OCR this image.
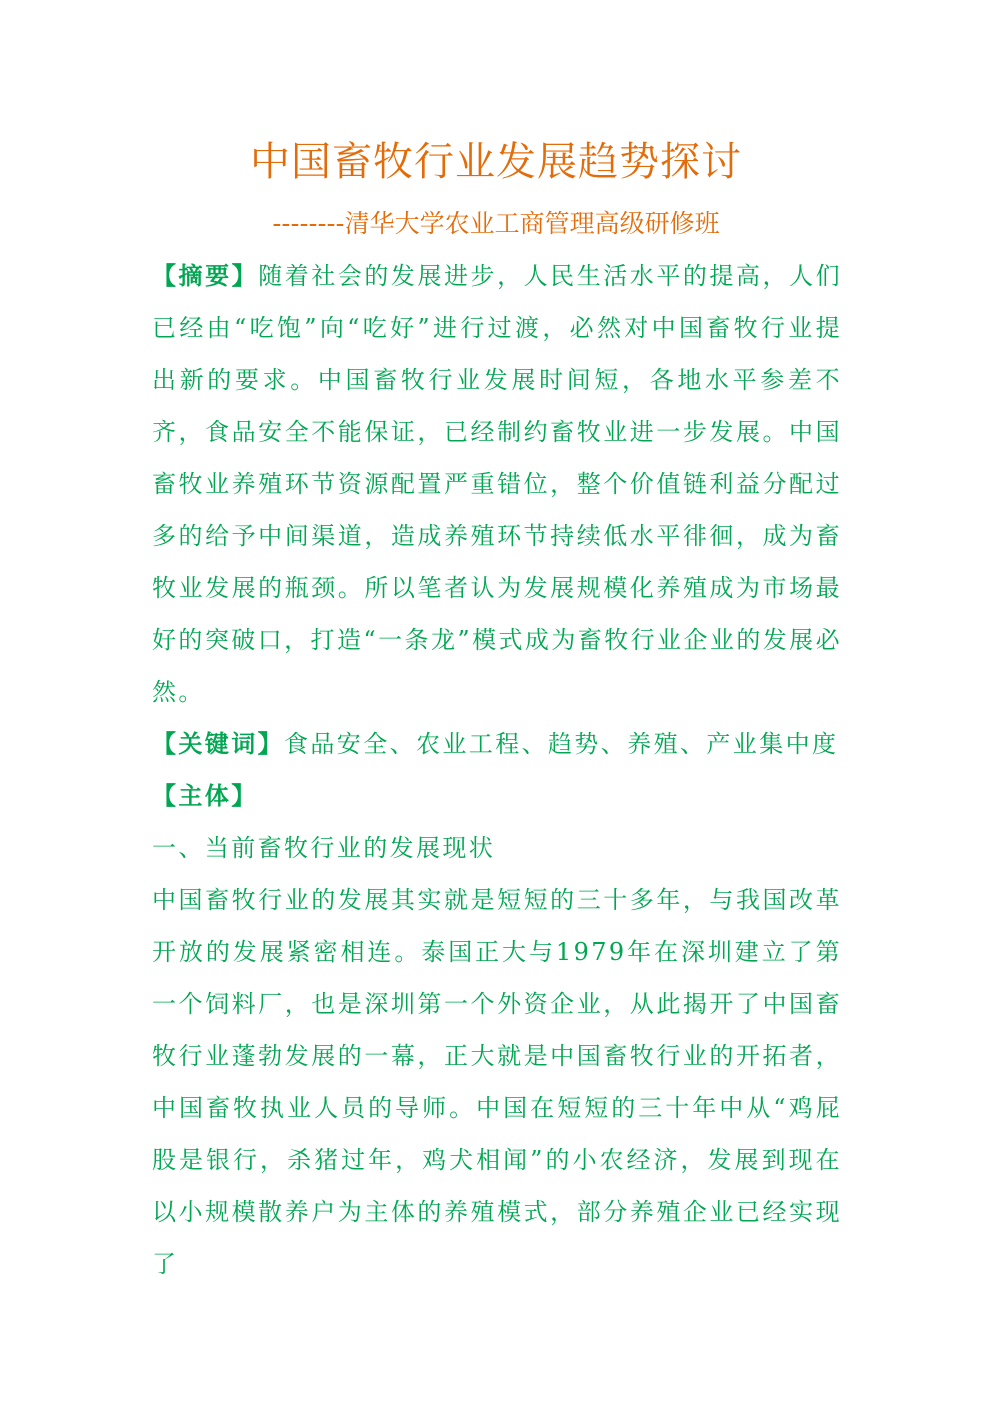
中国畜牧行业发展趋势探讨
--------清华大学农业工商管理高级研修班

【摘要】随着社会的发展进步，人民生活水平的提高，人们已经由“吃饱”向“吃好”进行过渡，必然对中国畜牧行业提出新的要求。中国畜牧行业发展时间短，各地水平参差不齐，食品安全不能保证，已经制约畜牧业进一步发展。中国畜牧业养殖环节资源配置严重错位，整个价值链利益分配过多的给予中间渠道，造成养殖环节持续低水平徘徊，成为畜牧业发展的瓶颈。所以笔者认为发展规模化养殖成为市场最好的突破口，打造“一条龙”模式成为畜牧行业企业的发展必然。

【关键词】食品安全、农业工程、趋势、养殖、产业集中度

【主体】

一、当前畜牧行业的发展现状

中国畜牧行业的发展其实就是短短的三十多年，与我国改革开放的发展紧密相连。泰国正大与1979年在深圳建立了第一个饲料厂，也是深圳第一个外资企业，从此揭开了中国畜牧行业蓬勃发展的一幕，正大就是中国畜牧行业的开拓者，中国畜牧执业人员的导师。中国在短短的三十年中从“鸡屁股是银行，杀猪过年，鸡犬相闻”的小农经济，发展到现在以小规模散养户为主体的养殖模式，部分养殖企业已经实现了
